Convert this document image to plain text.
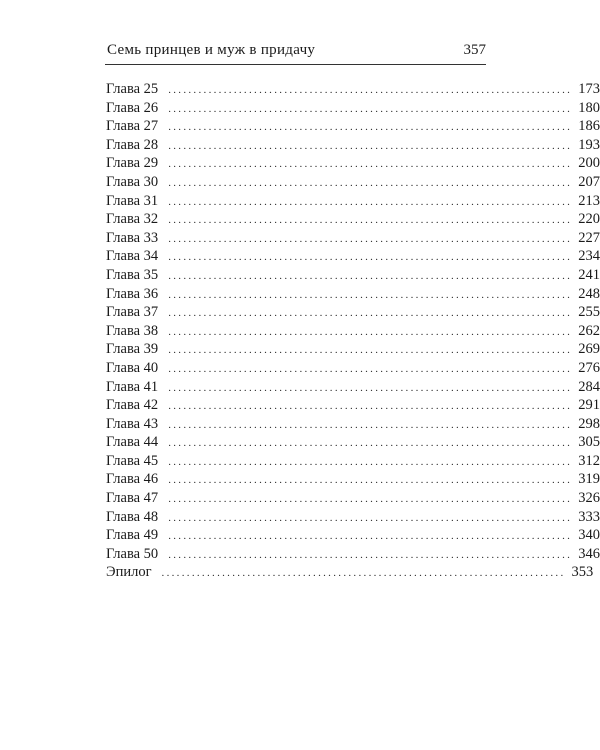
Семь принцев и муж в придачу	357
Глава 25 ................................................................................ 173
Глава 26 ................................................................................ 180
Глава 27 ................................................................................ 186
Глава 28 ................................................................................ 193
Глава 29 ................................................................................ 200
Глава 30 ................................................................................ 207
Глава 31 ................................................................................ 213
Глава 32 ................................................................................ 220
Глава 33 ................................................................................ 227
Глава 34 ................................................................................ 234
Глава 35 ................................................................................ 241
Глава 36 ................................................................................ 248
Глава 37 ................................................................................ 255
Глава 38 ................................................................................ 262
Глава 39 ................................................................................ 269
Глава 40 ................................................................................ 276
Глава 41 ................................................................................ 284
Глава 42 ................................................................................ 291
Глава 43 ................................................................................ 298
Глава 44 ................................................................................ 305
Глава 45 ................................................................................ 312
Глава 46 ................................................................................ 319
Глава 47 ................................................................................ 326
Глава 48 ................................................................................ 333
Глава 49 ................................................................................ 340
Глава 50 ................................................................................ 346
Эпилог ................................................................................ 353
